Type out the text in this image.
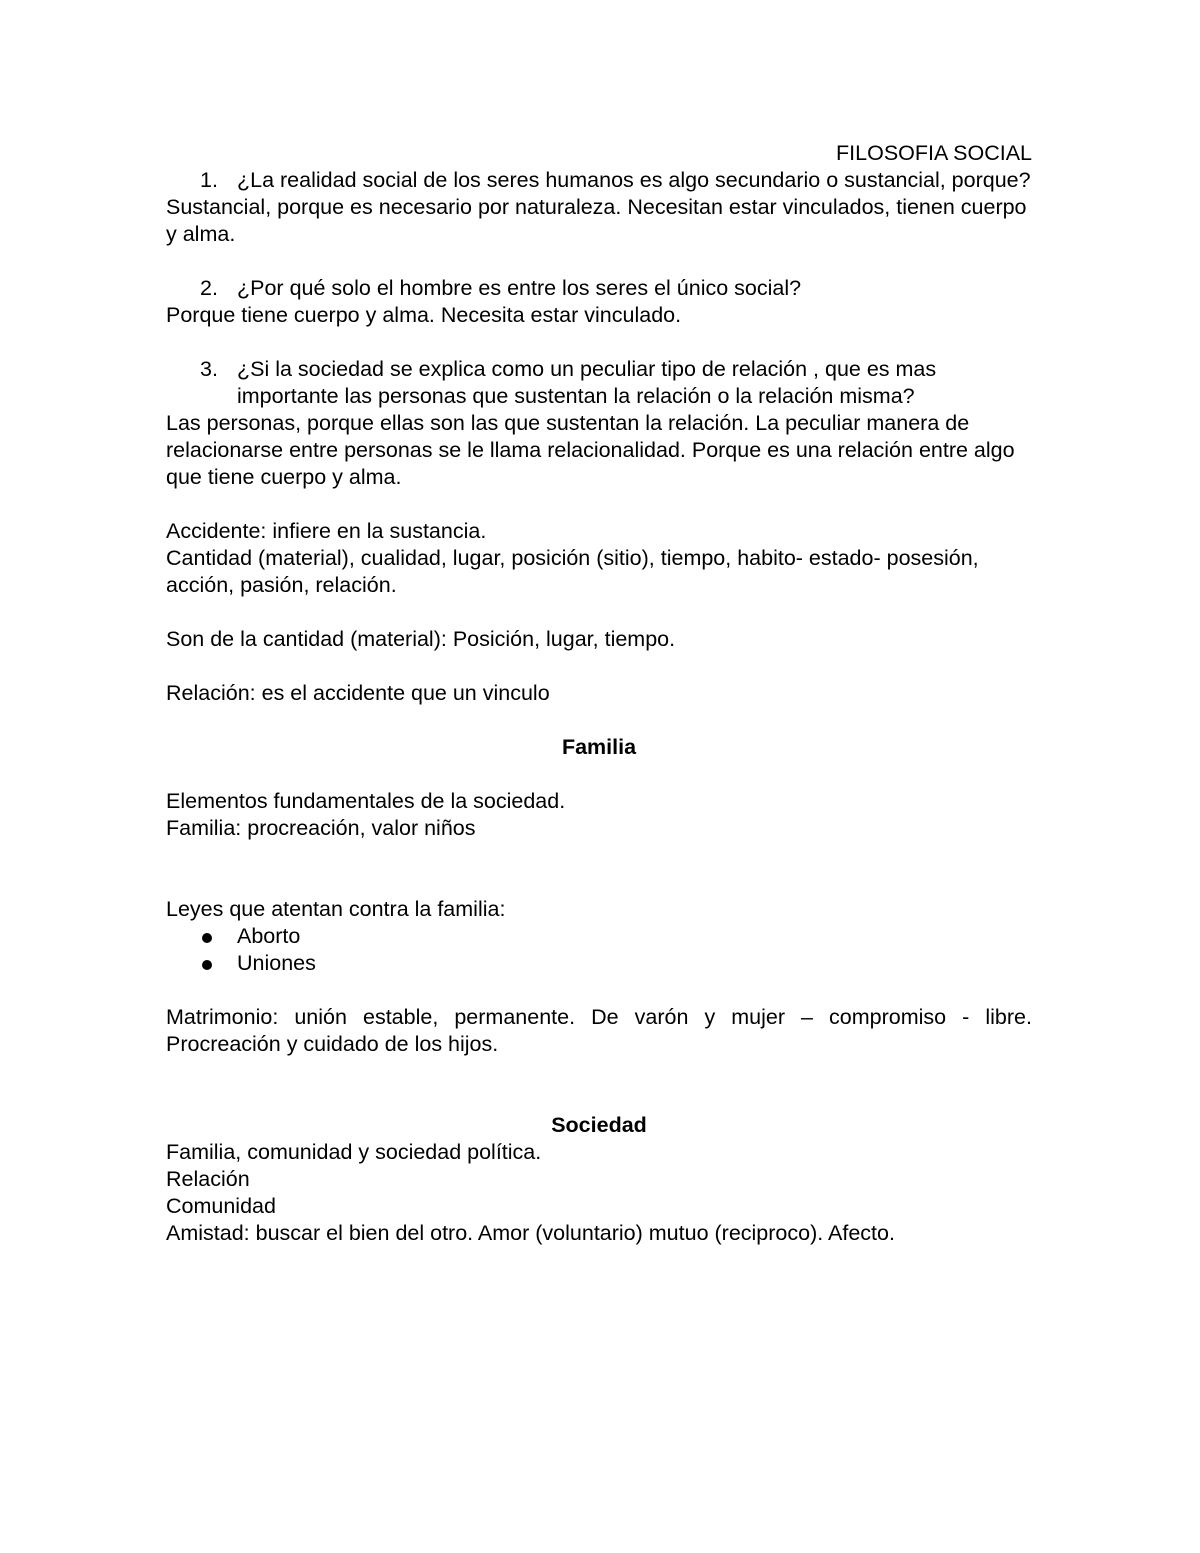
FILOSOFIA SOCIAL

1. ¿La realidad social de los seres humanos es algo secundario o sustancial, porque?

Sustancial, porque es necesario por naturaleza. Necesitan estar vinculados, tienen cuerpo y alma.

2. ¿Por qué solo el hombre es entre los seres el único social?

Porque tiene cuerpo y alma. Necesita estar vinculado.

3. ¿Si la sociedad se explica como un peculiar tipo de relación , que es mas importante las personas que sustentan la relación o la relación misma?

Las personas, porque ellas son las que sustentan la relación. La peculiar manera de relacionarse entre personas se le llama relacionalidad. Porque es una relación entre algo que tiene cuerpo y alma.

Accidente: infiere en la sustancia.

Cantidad (material), cualidad, lugar, posición (sitio), tiempo, habito- estado- posesión, acción, pasión, relación.

Son de la cantidad (material): Posición, lugar, tiempo.

Relación: es el accidente que un vinculo

Familia

Elementos fundamentales de la sociedad.

Familia: procreación, valor niños

Leyes que atentan contra la familia:

Aborto
Uniones

Matrimonio: unión estable, permanente. De varón y mujer – compromiso - libre. Procreación y cuidado de los hijos.

Sociedad

Familia, comunidad y sociedad política.

Relación

Comunidad

Amistad: buscar el bien del otro. Amor (voluntario) mutuo (reciproco). Afecto.
